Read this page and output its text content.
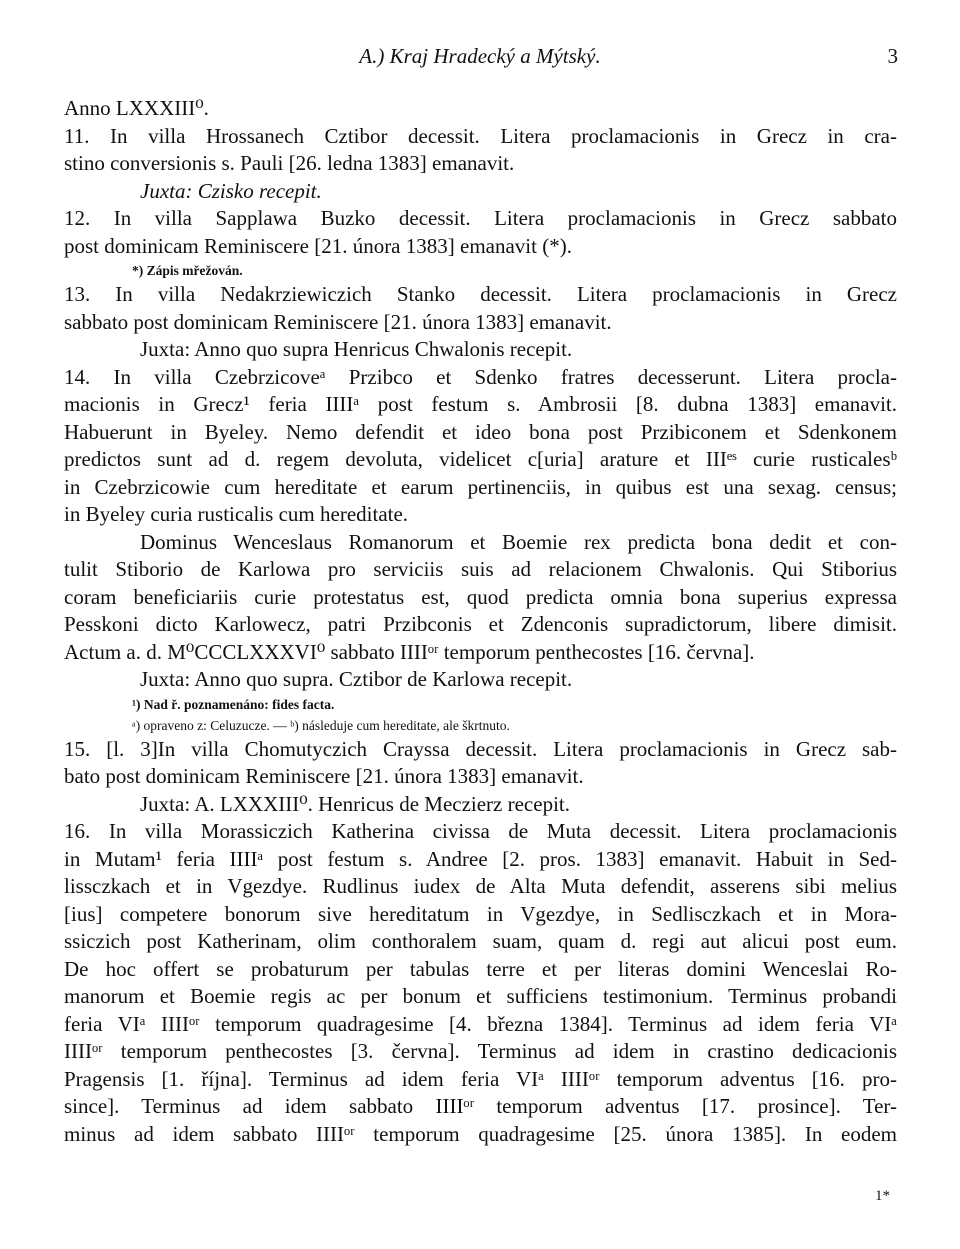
A.) Kraj Hradecký a Mýtský.	3
Anno LXXXIII⁰.
11. In villa Hrossanech Cztibor decessit. Litera proclamacionis in Grecz in cra-
stino conversionis s. Pauli [26. ledna 1383] emanavit.
Juxta: Czisko recepit.
12. In villa Sapplawa Buzko decessit. Litera proclamacionis in Grecz sabbato
post dominicam Reminiscere [21. února 1383] emanavit (*).
*) Zápis mřežován.
13. In villa Nedakrziewiczich Stanko decessit. Litera proclamacionis in Grecz
sabbato post dominicam Reminiscere [21. února 1383] emanavit.
Juxta: Anno quo supra Henricus Chwalonis recepit.
14. In villa Czebrzicoveᵃ Przibco et Sdenko fratres decesserunt. Litera procla-
macionis in Grecz¹ feria IIIIᵃ post festum s. Ambrosii [8. dubna 1383] emanavit.
Habuerunt in Byeley. Nemo defendit et ideo bona post Przibiconem et Sdenkonem
predictos sunt ad d. regem devoluta, videlicet c[uria] arature et IIIᵉˢ curie rusticalesᵇ
in Czebrzicowie cum hereditate et earum pertinenciis, in quibus est una sexag. census;
in Byeley curia rusticalis cum hereditate.
Dominus Wenceslaus Romanorum et Boemie rex predicta bona dedit et con-
tulit Stiborio de Karlowa pro serviciis suis ad relacionem Chwalonis. Qui Stiborius
coram beneficiariis curie protestatus est, quod predicta omnia bona superius expressa
Pesskoni dicto Karlowecz, patri Przibconis et Zdenconis supradictorum, libere dimisit.
Actum a. d. M⁰CCCLXXXVI⁰ sabbato IIIIᵒʳ temporum penthecostes [16. června].
Juxta: Anno quo supra. Cztibor de Karlowa recepit.
¹) Nad ř. poznamenáno: fides facta.
ᵃ) opraveno z: Celuzucze. — ᵇ) následuje cum hereditate, ale škrtnuto.
15. [l. 3]In villa Chomutyczich Crayssa decessit. Litera proclamacionis in Grecz sab-
bato post dominicam Reminiscere [21. února 1383] emanavit.
Juxta: A. LXXXIII⁰. Henricus de Meczierz recepit.
16. In villa Morassiczich Katherina civissa de Muta decessit. Litera proclamacionis
in Mutam¹ feria IIIIᵃ post festum s. Andree [2. pros. 1383] emanavit. Habuit in Sed-
lissczkach et in Vgezdye. Rudlinus iudex de Alta Muta defendit, asserens sibi melius
[ius] competere bonorum sive hereditatum in Vgezdye, in Sedlisczkach et in Mora-
ssiczich post Katherinam, olim conthoralem suam, quam d. regi aut alicui post eum.
De hoc offert se probaturum per tabulas terre et per literas domini Wenceslai Ro-
manorum et Boemie regis ac per bonum et sufficiens testimonium. Terminus probandi
feria VIᵃ IIIIᵒʳ temporum quadragesime [4. března 1384]. Terminus ad idem feria VIᵃ
IIIIᵒʳ temporum penthecostes [3. června]. Terminus ad idem in crastino dedicacionis
Pragensis [1. října]. Terminus ad idem feria VIᵃ IIIIᵒʳ temporum adventus [16. pro-
since]. Terminus ad idem sabbato IIIIᵒʳ temporum adventus [17. prosince]. Ter-
minus ad idem sabbato IIIIᵒʳ temporum quadragesime [25. února 1385]. In eodem
1*
